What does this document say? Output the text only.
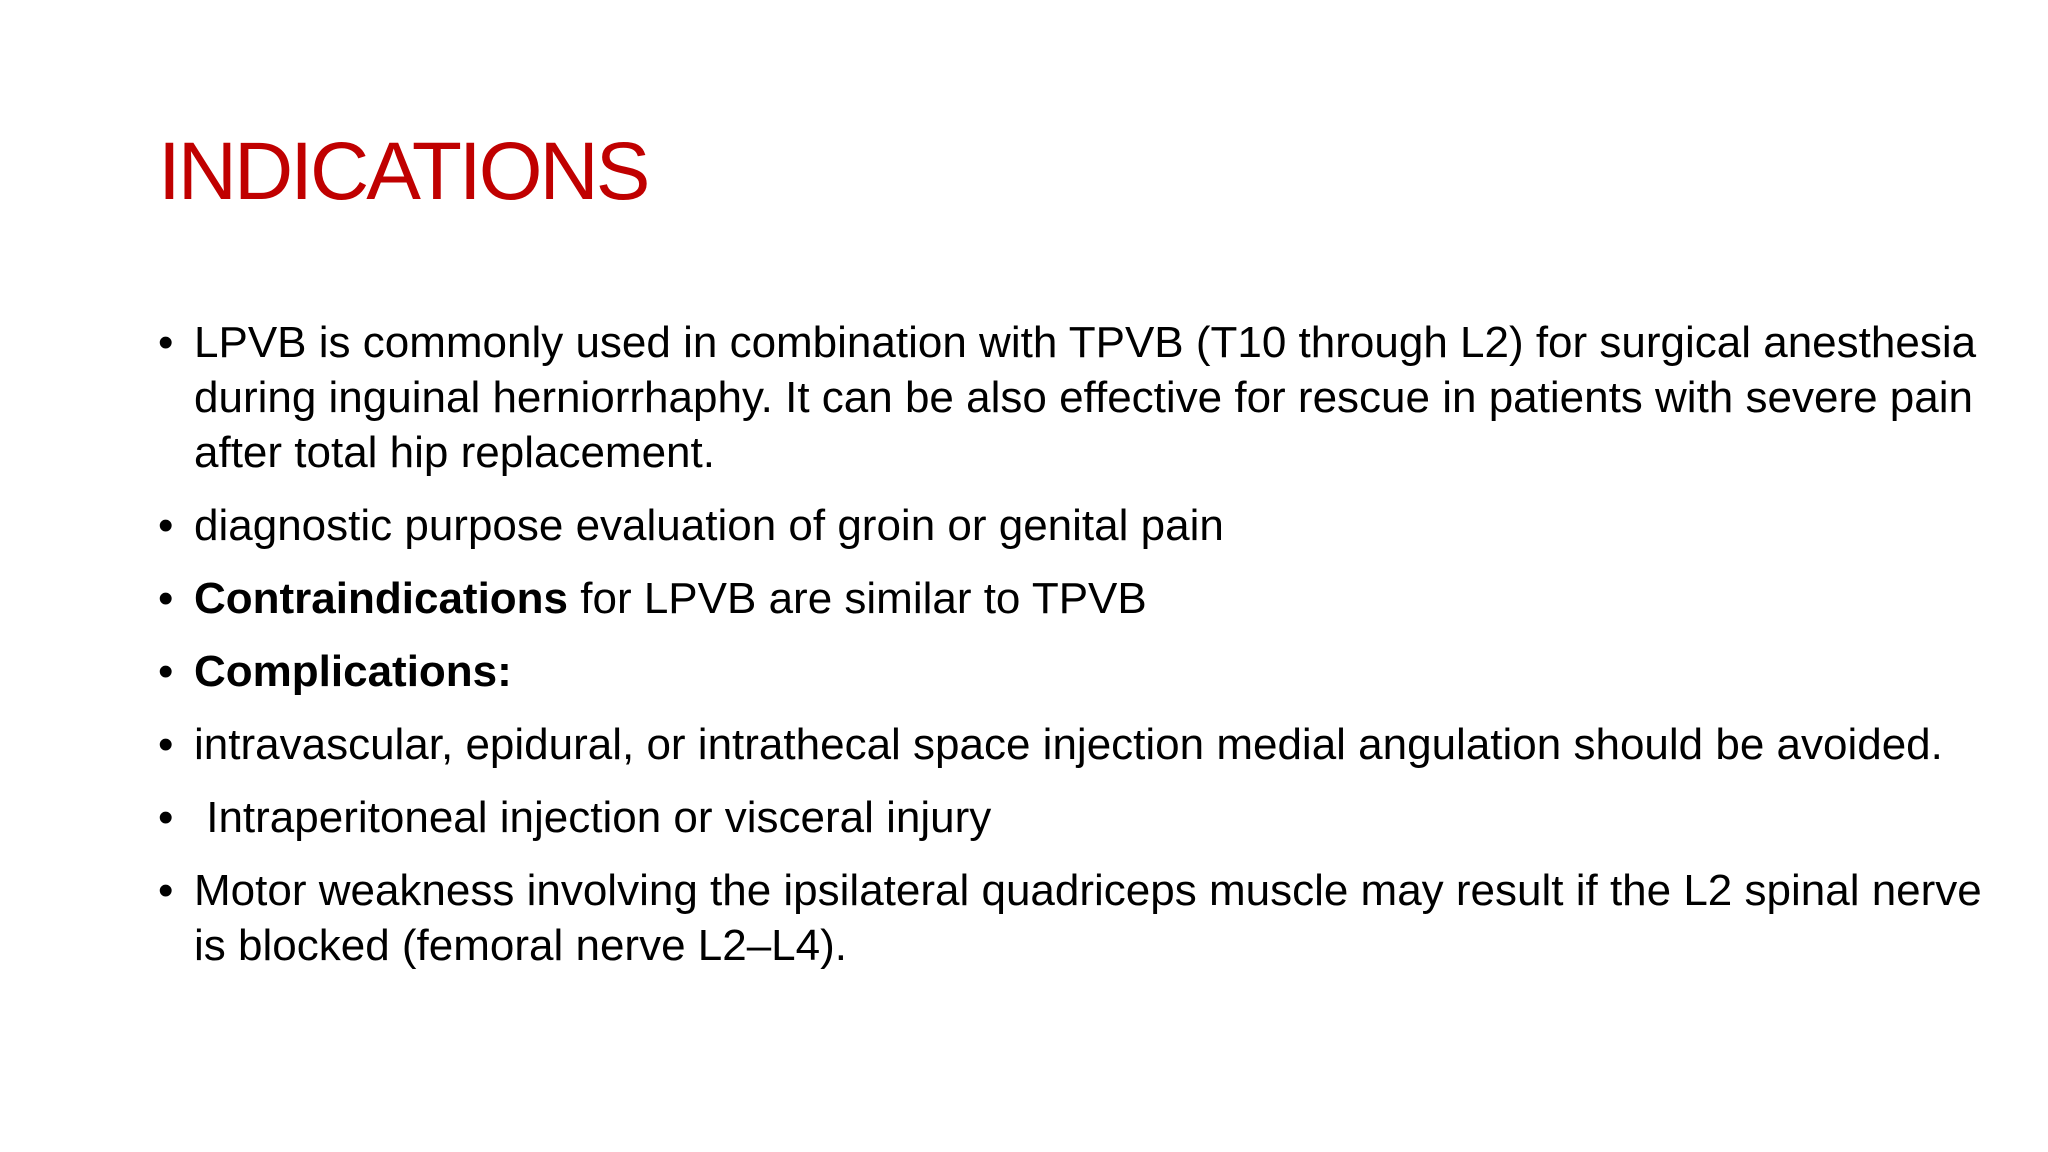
INDICATIONS
• LPVB is commonly used in combination with TPVB (T10 through L2) for surgical anesthesia during inguinal herniorrhaphy. It can be also effective for rescue in patients with severe pain after total hip replacement.
• diagnostic purpose evaluation of groin or genital pain
• Contraindications for LPVB are similar to TPVB
• Complications:
• intravascular, epidural, or intrathecal space injection medial angulation should be avoided.
• Intraperitoneal injection or visceral injury
• Motor weakness involving the ipsilateral quadriceps muscle may result if the L2 spinal nerve is blocked (femoral nerve L2–L4).
